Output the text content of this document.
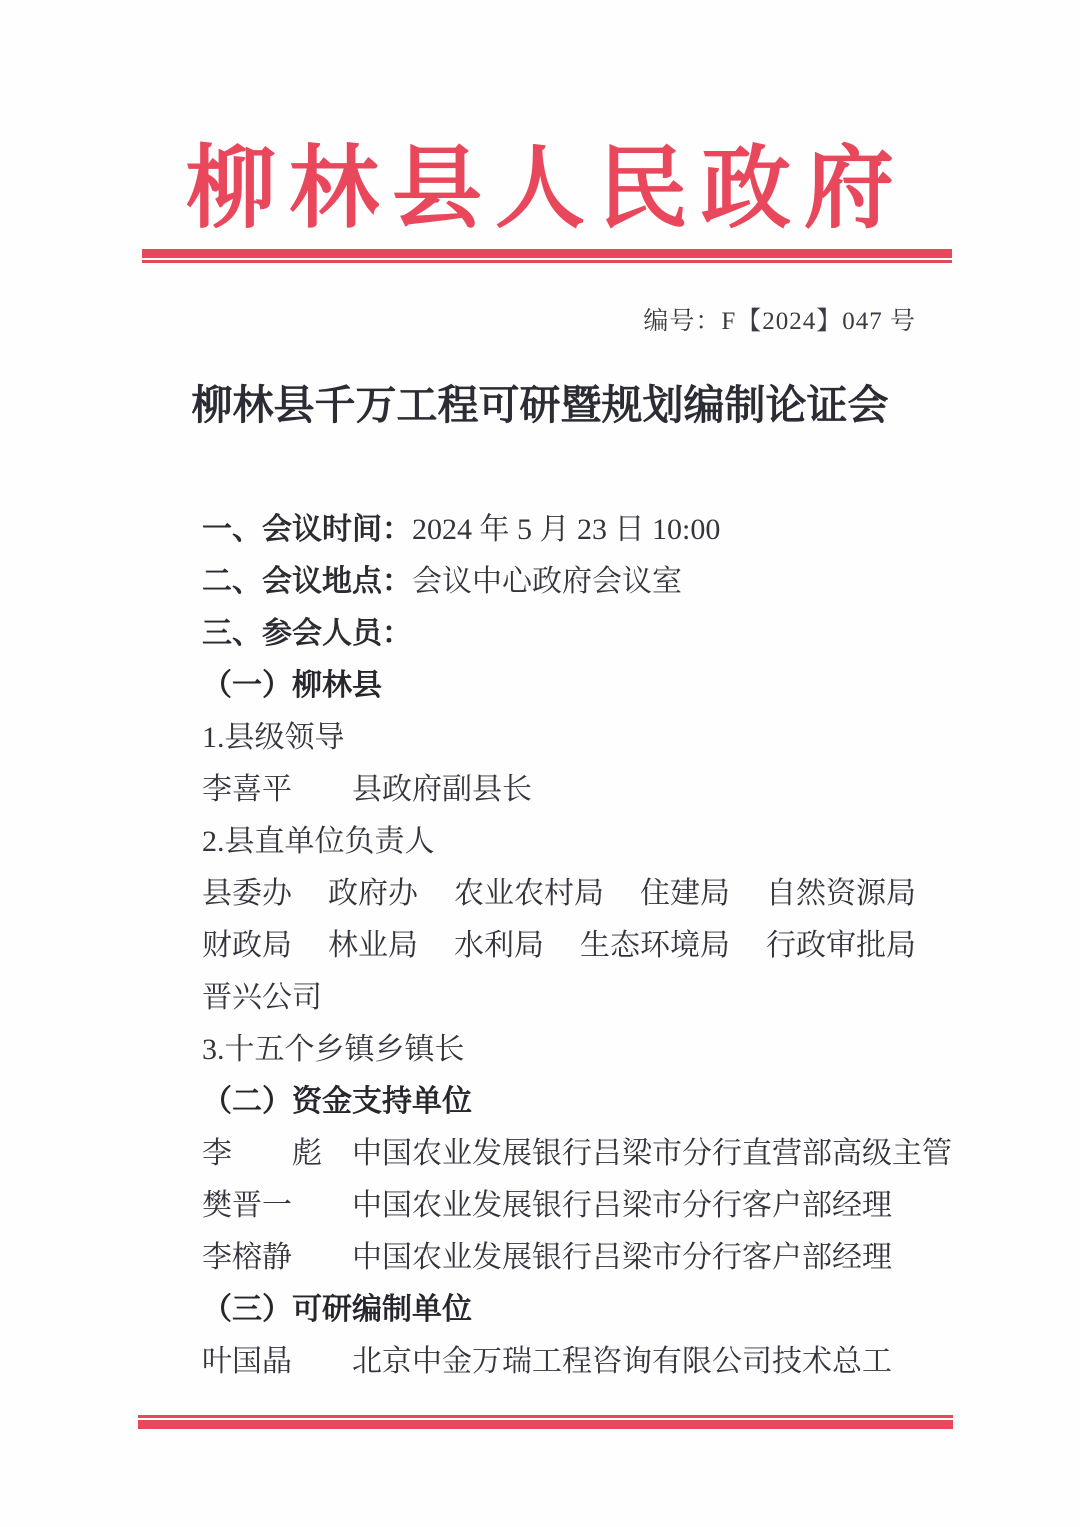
柳林县人民政府
编号：F【2024】047 号
柳林县千万工程可研暨规划编制论证会
一、会议时间： 2024 年 5 月 23 日 10:00
二、会议地点： 会议中心政府会议室
三、参会人员：
（一）柳林县
1.县级领导
李喜平	县政府副县长
2.县直单位负责人
县委办 政府办 农业农村局 住建局 自然资源局
财政局 林业局 水利局 生态环境局 行政审批局
晋兴公司
3.十五个乡镇乡镇长
（二）资金支持单位
李　　彪	中国农业发展银行吕梁市分行直营部高级主管
樊晋一	中国农业发展银行吕梁市分行客户部经理
李榕静	中国农业发展银行吕梁市分行客户部经理
（三）可研编制单位
叶国晶	北京中金万瑞工程咨询有限公司技术总工
